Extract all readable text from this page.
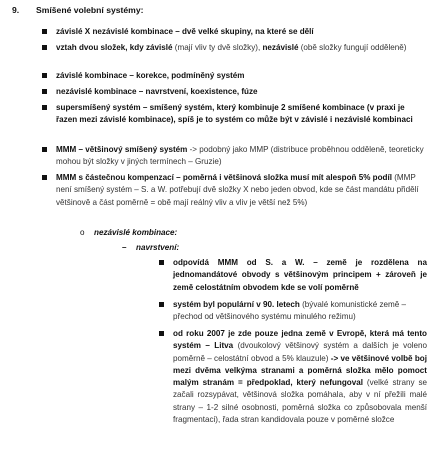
9. Smíšené volební systémy:
závislé X nezávislé kombinace – dvě velké skupiny, na které se dělí
vztah dvou složek, kdy závislé (mají vliv ty dvě složky), nezávislé (obě složky fungují odděleně)
závislé kombinace – korekce, podmíněný systém
nezávislé kombinace – navrstvení, koexistence, fúze
supersmíšený systém – smíšený systém, který kombinuje 2 smíšené kombinace (v praxi je řazen mezi závislé kombinace), spíš je to systém co může být v závislé i nezávislé kombinaci
MMM – většinový smíšený systém -> podobný jako MMP (distribuce proběhnou odděleně, teoreticky mohou být složky v jiných termínech – Gruzie)
MMM s částečnou kompenzací – poměrná i většinová složka musí mít alespoň 5% podíl (MMP není smíšený systém – S. a W. potřebují dvě složky X nebo jeden obvod, kde se část mandátu přidělí většinově a část poměrně = obě mají reálný vliv a vliv je větší než 5%)
o nezávislé kombinace:
– navrstvení:
odpovídá MMM od S. a W. – země je rozdělena na jednomandátové obvody s většinovým principem + zároveň je země celostátním obvodem kde se volí poměrně
systém byl populární v 90. letech (bývalé komunistické země – přechod od většinového systému minulého režimu)
od roku 2007 je zde pouze jedna země v Evropě, která má tento systém – Litva (dvoukolový většinový systém a dalších je voleno poměrně – celostátní obvod a 5% klauzule) -> ve většinové volbě boj mezi dvěma velkýma stranami a poměrná složka mělo pomoct malým stranám = předpoklad, který nefungoval (velké strany se začali rozsypávat, většinová složka pomáhala, aby v ní přežili malé strany – 1-2 silné osobnosti, poměrná složka co způsobovala menší fragmentaci), řada stran kandidovala pouze v poměrné složce
